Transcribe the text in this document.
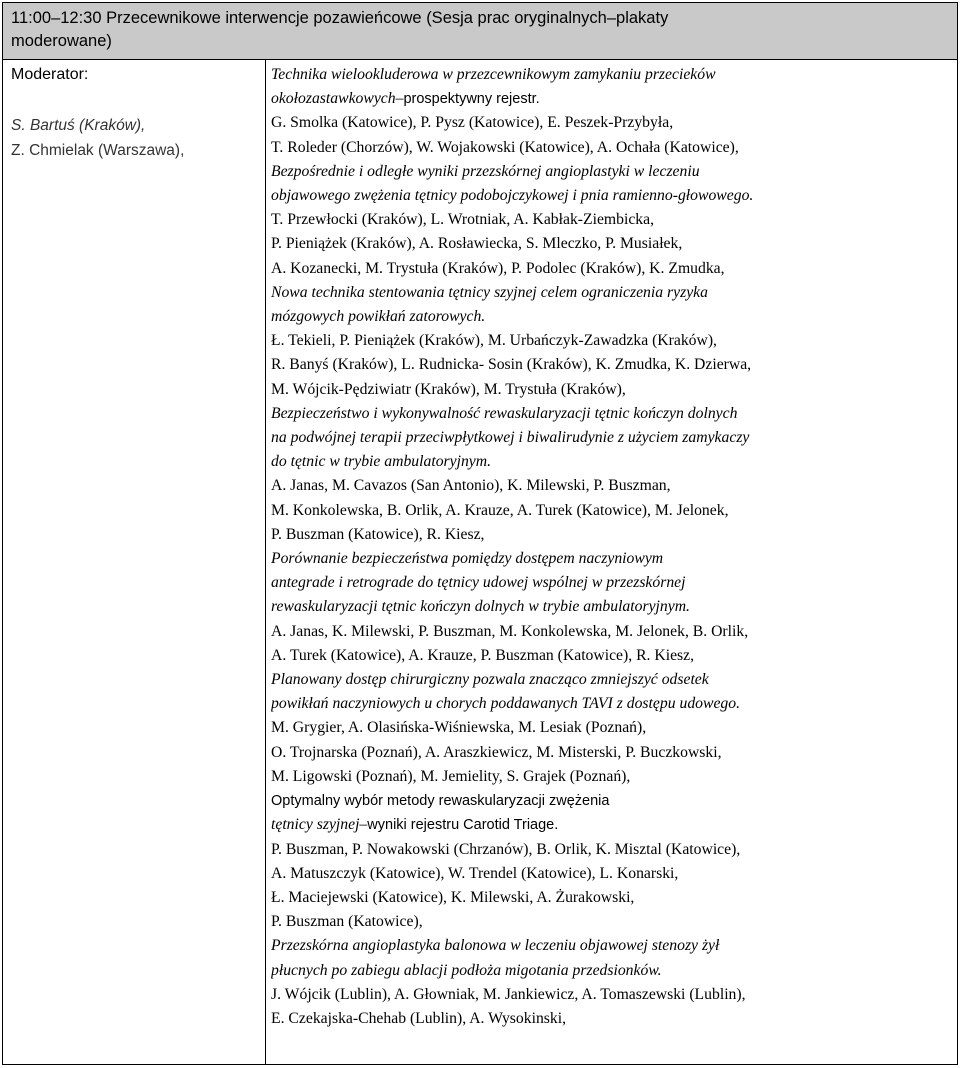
11:00–12:30 Przecewnikowe interwencje pozawieńcowe (Sesja prac oryginalnych–plakaty
moderowane)
Moderator:
S. Bartuś (Kraków),
Z. Chmielak (Warszawa),
Technika wielookluderowa w przezcewnikowym zamykaniu przecieków
okołozastawkowych–prospektywny rejestr.
G. Smolka (Katowice), P. Pysz (Katowice), E. Peszek-Przybyła,
T. Roleder (Chorzów), W. Wojakowski (Katowice), A. Ochała (Katowice),
Bezpośrednie i odległe wyniki przezskórnej angioplastyki w leczeniu
objawowego zwężenia tętnicy podobojczykowej i pnia ramienno-głowowego.
T. Przewłocki (Kraków), L. Wrotniak, A. Kabłak-Ziembicka,
P. Pieniążek (Kraków), A. Rosławiecka, S. Mleczko, P. Musiałek,
A. Kozanecki, M. Trystuła (Kraków), P. Podolec (Kraków), K. Zmudka,
Nowa technika stentowania tętnicy szyjnej celem ograniczenia ryzyka
mózgowych powikłań zatorowych.
Ł. Tekieli, P. Pieniążek (Kraków), M. Urbańczyk-Zawadzka (Kraków),
R. Banyś (Kraków), L. Rudnicka- Sosin (Kraków), K. Zmudka, K. Dzierwa,
M. Wójcik-Pędziwiatr (Kraków), M. Trystuła (Kraków),
Bezpieczeństwo i wykonywalność rewaskularyzacji tętnic kończyn dolnych
na podwójnej terapii przeciwpłytkowej i biwalirudynie z użyciem zamykaczy
do tętnic w trybie ambulatoryjnym.
A. Janas, M. Cavazos (San Antonio), K. Milewski, P. Buszman,
M. Konkolewska, B. Orlik, A. Krauze, A. Turek (Katowice), M. Jelonek,
P. Buszman (Katowice), R. Kiesz,
Porównanie bezpieczeństwa pomiędzy dostępem naczyniowym
antegrade i retrograde do tętnicy udowej wspólnej w przezskórnej
rewaskularyzacji tętnic kończyn dolnych w trybie ambulatoryjnym.
A. Janas, K. Milewski, P. Buszman, M. Konkolewska, M. Jelonek, B. Orlik,
A. Turek (Katowice), A. Krauze, P. Buszman (Katowice), R. Kiesz,
Planowany dostęp chirurgiczny pozwala znacząco zmniejszyć odsetek
powikłań naczyniowych u chorych poddawanych TAVI z dostępu udowego.
M. Grygier, A. Olasińska-Wiśniewska, M. Lesiak (Poznań),
O. Trojnarska (Poznań), A. Araszkiewicz, M. Misterski, P. Buczkowski,
M. Ligowski (Poznań), M. Jemielity, S. Grajek (Poznań),
Optymalny wybór metody rewaskularyzacji zwężenia
tętnicy szyjnej–wyniki rejestru Carotid Triage.
P. Buszman, P. Nowakowski (Chrzanów), B. Orlik, K. Misztal (Katowice),
A. Matuszczyk (Katowice), W. Trendel (Katowice), L. Konarski,
Ł. Maciejewski (Katowice), K. Milewski, A. Żurakowski,
P. Buszman (Katowice),
Przezskórna angioplastyka balonowa w leczeniu objawowej stenozy żył
płucnych po zabiegu ablacji podłoża migotania przedsionków.
J. Wójcik (Lublin), A. Głowniak, M. Jankiewicz, A. Tomaszewski (Lublin),
E. Czekajska-Chehab (Lublin), A. Wysokinski,
